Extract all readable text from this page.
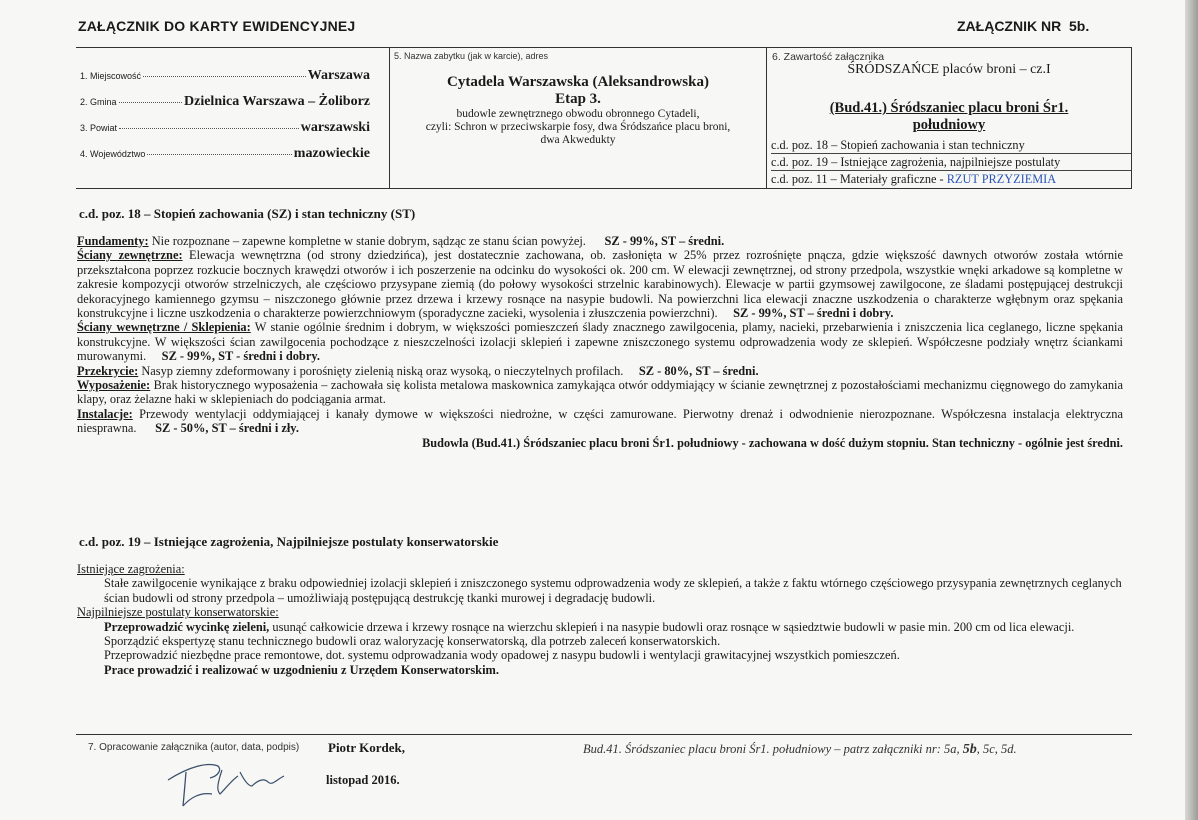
ZAŁĄCZNIK DO KARTY EWIDENCYJNEJ	ZAŁĄCZNIK NR 5b.
1. Miejscowość	Warszawa
2. Gmina	Dzielnica Warszawa – Żoliborz
3. Powiat	warszawski
4. Województwo	mazowieckie
5. Nazwa zabytku (jak w karcie), adres
Cytadela Warszawska (Aleksandrowska)
Etap 3.
budowle zewnętrznego obwodu obronnego Cytadeli,
czyli: Schron w przeciwskarpie fosy, dwa Śródszańce placu broni,
dwa Akwedukty
6. Zawartość załącznika
ŚRÓDSZAŃCE placów broni – cz.I
(Bud.41.) Śródszaniec placu broni Śr1.
południowy
c.d. poz. 18 – Stopień zachowania i stan techniczny
c.d. poz. 19 – Istniejące zagrożenia, najpilniejsze postulaty
c.d. poz. 11 – Materiały graficzne - RZUT PRZYZIEMIA
c.d. poz. 18 – Stopień zachowania (SZ) i stan techniczny (ST)

Fundamenty: Nie rozpoznane – zapewne kompletne w stanie dobrym, sądząc ze stanu ścian powyżej. SZ - 99%, ST – średni.

Ściany zewnętrzne: Elewacja wewnętrzna (od strony dziedzińca), jest dostatecznie zachowana, ob. zasłonięta w 25% przez rozrośnięte pnącza, gdzie większość dawnych otworów została wtórnie przekształcona poprzez rozkucie bocznych krawędzi otworów i ich poszerzenie na odcinku do wysokości ok. 200 cm. W elewacji zewnętrznej, od strony przedpola, wszystkie wnęki arkadowe są kompletne w zakresie kompozycji otworów strzelniczych, ale częściowo przysypane ziemią (do połowy wysokości strzelnic karabinowych). Elewacje w partii gzymsowej zawilgocone, ze śladami postępującej destrukcji dekoracyjnego kamiennego gzymsu – niszczonego głównie przez drzewa i krzewy rosnące na nasypie budowli. Na powierzchni lica elewacji znaczne uszkodzenia o charakterze wgłębnym oraz spękania konstrukcyjne i liczne uszkodzenia o charakterze powierzchniowym (sporadyczne zacieki, wysolenia i złuszczenia powierzchni). SZ - 99%, ST – średni i dobry.

Ściany wewnętrzne / Sklepienia: W stanie ogólnie średnim i dobrym, w większości pomieszczeń ślady znacznego zawilgocenia, plamy, nacieki, przebarwienia i zniszczenia lica ceglanego, liczne spękania konstrukcyjne. W większości ścian zawilgocenia pochodzące z nieszczelności izolacji sklepień i zapewne zniszczonego systemu odprowadzenia wody ze sklepień. Współczesne podziały wnętrz ściankami murowanymi. SZ - 99%, ST - średni i dobry.

Przekrycie: Nasyp ziemny zdeformowany i porośnięty zielenią niską oraz wysoką, o nieczytelnych profilach. SZ - 80%, ST – średni.

Wyposażenie: Brak historycznego wyposażenia – zachowała się kolista metalowa maskownica zamykająca otwór oddymiający w ścianie zewnętrznej z pozostałościami mechanizmu cięgnowego do zamykania klapy, oraz żelazne haki w sklepieniach do podciągania armat.

Instalacje: Przewody wentylacji oddymiającej i kanały dymowe w większości niedrożne, w części zamurowane. Pierwotny drenaż i odwodnienie nierozpoznane. Współczesna instalacja elektryczna niesprawna. SZ - 50%, ST – średni i zły.

Budowla (Bud.41.) Śródszaniec placu broni Śr1. południowy - zachowana w dość dużym stopniu. Stan techniczny - ogólnie jest średni.

c.d. poz. 19 – Istniejące zagrożenia, Najpilniejsze postulaty konserwatorskie

Istniejące zagrożenia:

Stałe zawilgocenie wynikające z braku odpowiedniej izolacji sklepień i zniszczonego systemu odprowadzenia wody ze sklepień, a także z faktu wtórnego częściowego przysypania zewnętrznych ceglanych ścian budowli od strony przedpola – umożliwiają postępującą destrukcję tkanki murowej i degradację budowli.

Najpilniejsze postulaty konserwatorskie:

Przeprowadzić wycinkę zieleni, usunąć całkowicie drzewa i krzewy rosnące na wierzchu sklepień i na nasypie budowli oraz rosnące w sąsiedztwie budowli w pasie min. 200 cm od lica elewacji.

Sporządzić ekspertyzę stanu technicznego budowli oraz waloryzację konserwatorską, dla potrzeb zaleceń konserwatorskich.

Przeprowadzić niezbędne prace remontowe, dot. systemu odprowadzania wody opadowej z nasypu budowli i wentylacji grawitacyjnej wszystkich pomieszczeń.

Prace prowadzić i realizować w uzgodnieniu z Urzędem Konserwatorskim.

7. Opracowanie załącznika (autor, data, podpis) Piotr Kordek,
listopad 2016.
Bud.41. Śródszaniec placu broni Śr1. południowy – patrz załączniki nr: 5a, 5b, 5c, 5d.
